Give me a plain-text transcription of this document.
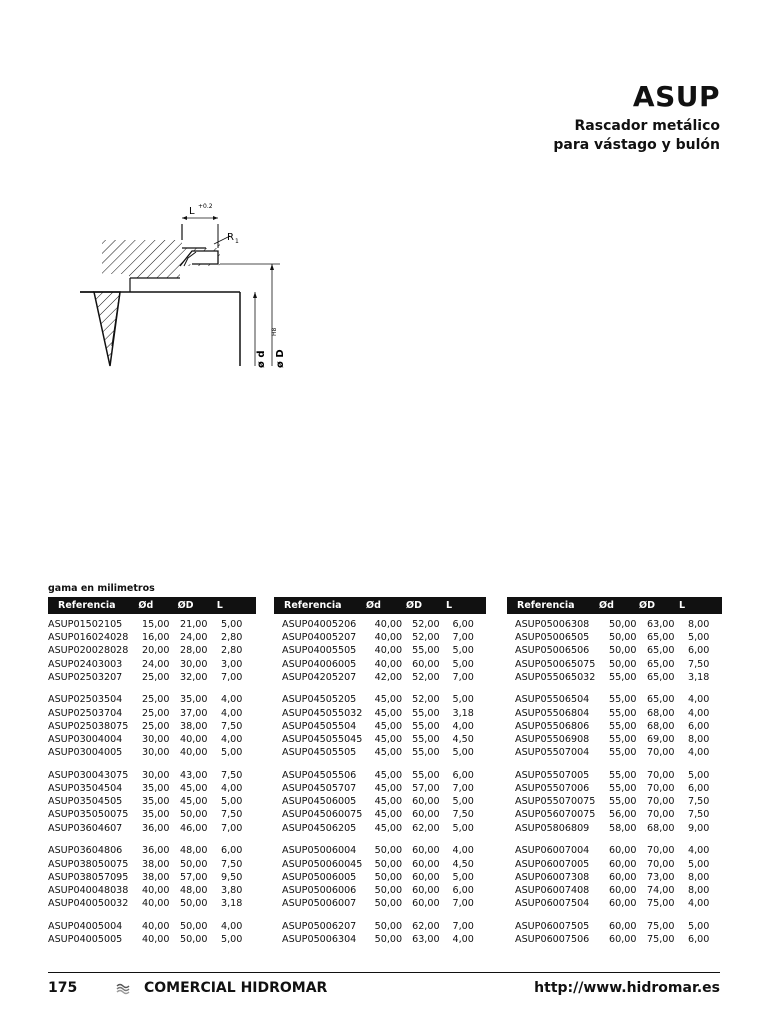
ASUP
Rascador metálico
para vástago y bulón
L +0.2
R 1
ø d ø D
H8
gama en milimetros
Referencia	Ød	ØD	L
ASUP01502105	15,00	21,00	5,00
ASUP016024028	16,00	24,00	2,80
ASUP020028028	20,00	28,00	2,80
ASUP02403003	24,00	30,00	3,00
ASUP02503207	25,00	32,00	7,00
ASUP02503504	25,00	35,00	4,00
ASUP02503704	25,00	37,00	4,00
ASUP025038075	25,00	38,00	7,50
ASUP03004004	30,00	40,00	4,00
ASUP03004005	30,00	40,00	5,00
ASUP030043075	30,00	43,00	7,50
ASUP03504504	35,00	45,00	4,00
ASUP03504505	35,00	45,00	5,00
ASUP035050075	35,00	50,00	7,50
ASUP03604607	36,00	46,00	7,00
ASUP03604806	36,00	48,00	6,00
ASUP038050075	38,00	50,00	7,50
ASUP038057095	38,00	57,00	9,50
ASUP040048038	40,00	48,00	3,80
ASUP040050032	40,00	50,00	3,18
ASUP04005004	40,00	50,00	4,00
ASUP04005005	40,00	50,00	5,00
Referencia	Ød	ØD	L
ASUP04005206	40,00	52,00	6,00
ASUP04005207	40,00	52,00	7,00
ASUP04005505	40,00	55,00	5,00
ASUP04006005	40,00	60,00	5,00
ASUP04205207	42,00	52,00	7,00
ASUP04505205	45,00	52,00	5,00
ASUP045055032	45,00	55,00	3,18
ASUP04505504	45,00	55,00	4,00
ASUP045055045	45,00	55,00	4,50
ASUP04505505	45,00	55,00	5,00
ASUP04505506	45,00	55,00	6,00
ASUP04505707	45,00	57,00	7,00
ASUP04506005	45,00	60,00	5,00
ASUP045060075	45,00	60,00	7,50
ASUP04506205	45,00	62,00	5,00
ASUP05006004	50,00	60,00	4,00
ASUP050060045	50,00	60,00	4,50
ASUP05006005	50,00	60,00	5,00
ASUP05006006	50,00	60,00	6,00
ASUP05006007	50,00	60,00	7,00
ASUP05006207	50,00	62,00	7,00
ASUP05006304	50,00	63,00	4,00
Referencia	Ød	ØD	L
ASUP05006308	50,00	63,00	8,00
ASUP05006505	50,00	65,00	5,00
ASUP05006506	50,00	65,00	6,00
ASUP050065075	50,00	65,00	7,50
ASUP055065032	55,00	65,00	3,18
ASUP05506504	55,00	65,00	4,00
ASUP05506804	55,00	68,00	4,00
ASUP05506806	55,00	68,00	6,00
ASUP05506908	55,00	69,00	8,00
ASUP05507004	55,00	70,00	4,00
ASUP05507005	55,00	70,00	5,00
ASUP05507006	55,00	70,00	6,00
ASUP055070075	55,00	70,00	7,50
ASUP056070075	56,00	70,00	7,50
ASUP05806809	58,00	68,00	9,00
ASUP06007004	60,00	70,00	4,00
ASUP06007005	60,00	70,00	5,00
ASUP06007308	60,00	73,00	8,00
ASUP06007408	60,00	74,00	8,00
ASUP06007504	60,00	75,00	4,00
ASUP06007505	60,00	75,00	5,00
ASUP06007506	60,00	75,00	6,00
175	COMERCIAL HIDROMAR	http://www.hidromar.es
